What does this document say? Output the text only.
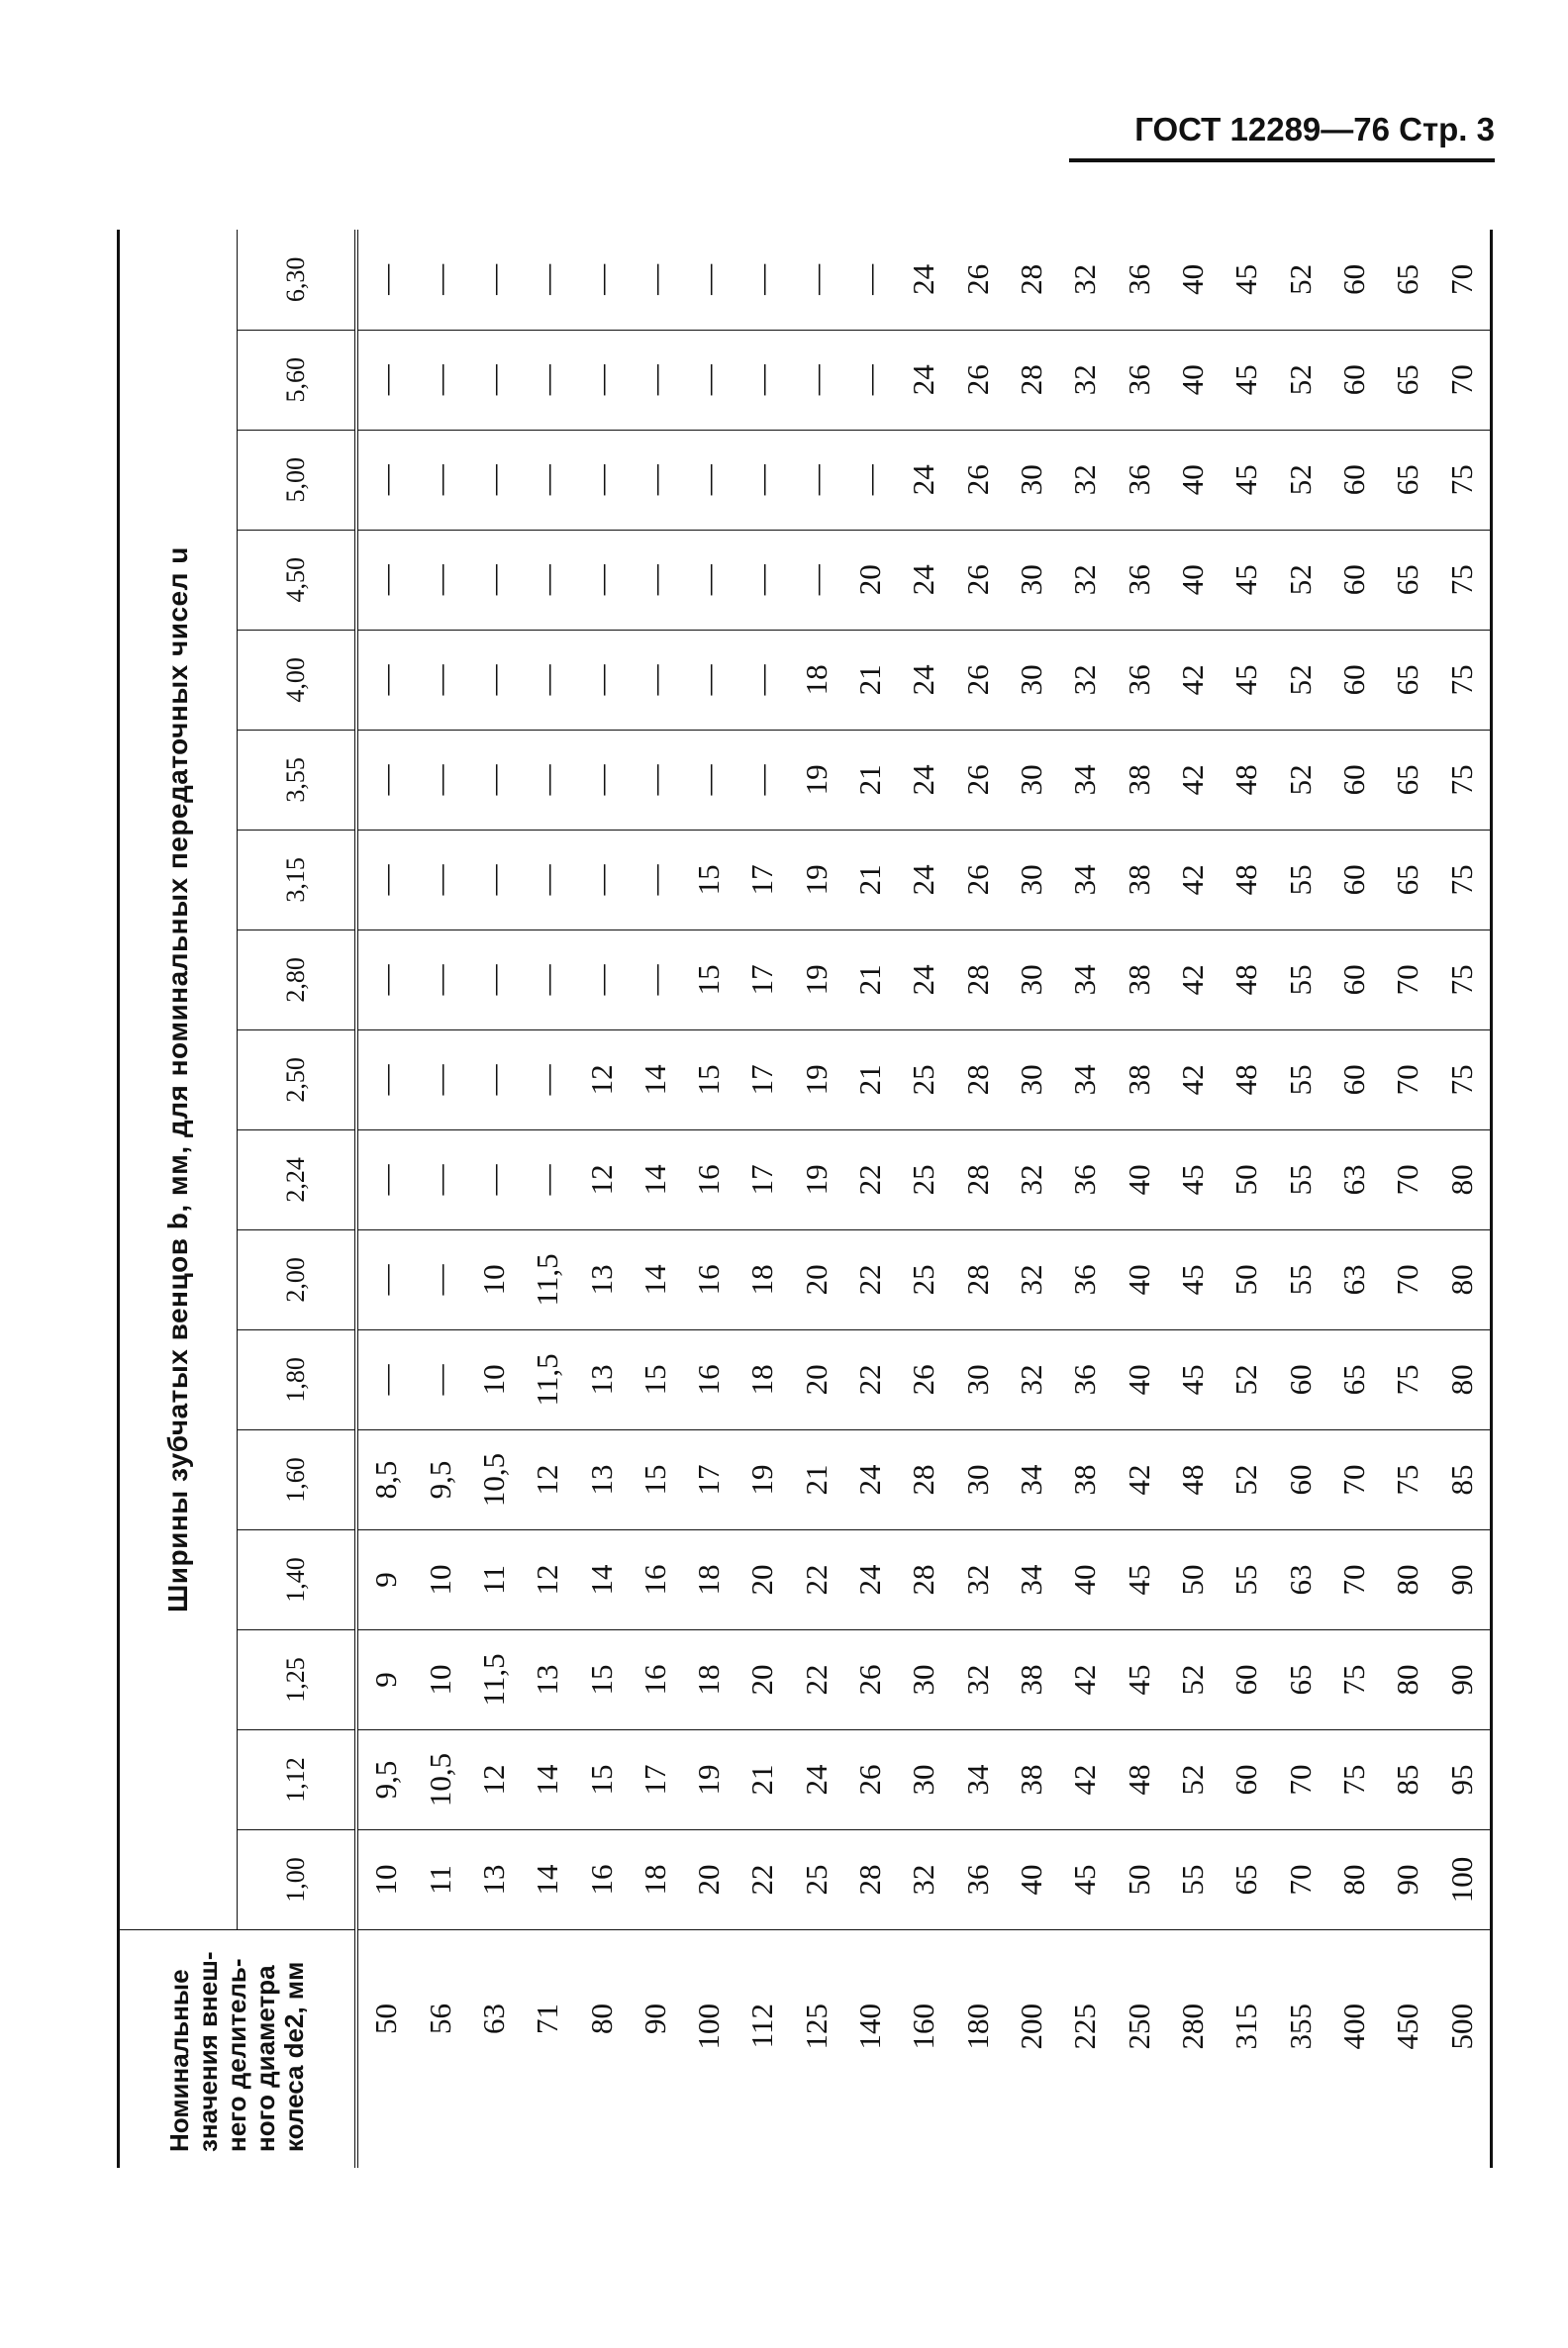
ГОСТ 12289—76 Стр. 3
Номинальные значения внеш-него делитель-ного диаметра колеса de2, мм	Ширины зубчатых венцов b, мм, для номинальных передаточных чисел u																
	1,00	1,12	1,25	1,40	1,60	1,80	2,00	2,24	2,50	2,80	3,15	3,55	4,00	4,50	5,00	5,60	6,30
50	10	9,5	9	9	8,5	—	—	—	—	—	—	—	—	—	—	—	—
56	11	10,5	10	10	9,5	—	—	—	—	—	—	—	—	—	—	—	—
63	13	12	11,5	11	10,5	10	10	—	—	—	—	—	—	—	—	—	—
71	14	14	13	12	12	11,5	11,5	—	—	—	—	—	—	—	—	—	—
80	16	15	15	14	13	13	13	12	12	—	—	—	—	—	—	—	—
90	18	17	16	16	15	15	14	14	14	—	—	—	—	—	—	—	—
100	20	19	18	18	17	16	16	16	15	15	15	—	—	—	—	—	—
112	22	21	20	20	19	18	18	17	17	17	17	—	—	—	—	—	—
125	25	24	22	22	21	20	20	19	19	19	19	19	18	—	—	—	—
140	28	26	26	24	24	22	22	22	21	21	21	21	21	20	—	—	—
160	32	30	30	28	28	26	25	25	25	24	24	24	24	24	24	24	24
180	36	34	32	32	30	30	28	28	28	28	26	26	26	26	26	26	26
200	40	38	38	34	34	32	32	32	30	30	30	30	30	30	30	28	28
225	45	42	42	40	38	36	36	36	34	34	34	34	32	32	32	32	32
250	50	48	45	45	42	40	40	40	38	38	38	38	36	36	36	36	36
280	55	52	52	50	48	45	45	45	42	42	42	42	42	40	40	40	40
315	65	60	60	55	52	52	50	50	48	48	48	48	45	45	45	45	45
355	70	70	65	63	60	60	55	55	55	55	55	52	52	52	52	52	52
400	80	75	75	70	70	65	63	63	60	60	60	60	60	60	60	60	60
450	90	85	80	80	75	75	70	70	70	70	65	65	65	65	65	65	65
500	100	95	90	90	85	80	80	80	75	75	75	75	75	75	75	70	70
